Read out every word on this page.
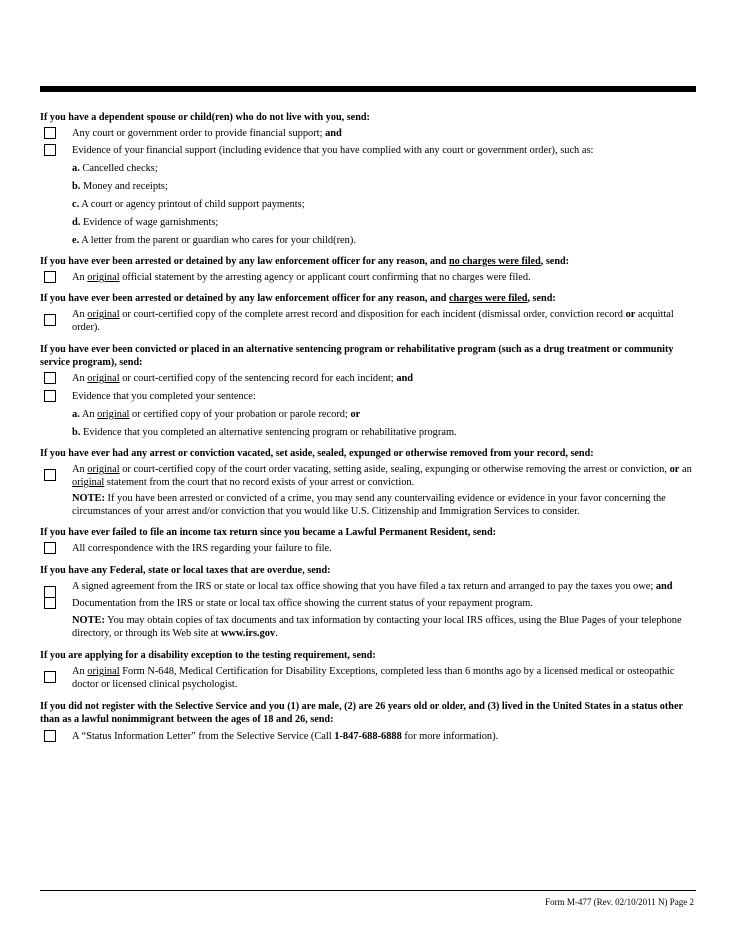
If you have a dependent spouse or child(ren) who do not live with you, send:

Any court or government order to provide financial support; and
Evidence of your financial support (including evidence that you have complied with any court or government order), such as:
a. Cancelled checks;
b. Money and receipts;
c. A court or agency printout of child support payments;
d. Evidence of wage garnishments;
e. A letter from the parent or guardian who cares for your child(ren).

If you have ever been arrested or detained by any law enforcement officer for any reason, and no charges were filed, send:

An original official statement by the arresting agency or applicant court confirming that no charges were filed.

If you have ever been arrested or detained by any law enforcement officer for any reason, and charges were filed, send:

An original or court-certified copy of the complete arrest record and disposition for each incident (dismissal order, conviction record or acquittal order).

If you have ever been convicted or placed in an alternative sentencing program or rehabilitative program (such as a drug treatment or community service program), send:

An original or court-certified copy of the sentencing record for each incident; and
Evidence that you completed your sentence:
a. An original or certified copy of your probation or parole record; or
b. Evidence that you completed an alternative sentencing program or rehabilitative program.

If you have ever had any arrest or conviction vacated, set aside, sealed, expunged or otherwise removed from your record, send:

An original or court-certified copy of the court order vacating, setting aside, sealing, expunging or otherwise removing the arrest or conviction, or an original statement from the court that no record exists of your arrest or conviction.
NOTE: If you have been arrested or convicted of a crime, you may send any countervailing evidence or evidence in your favor concerning the circumstances of your arrest and/or conviction that you would like U.S. Citizenship and Immigration Services to consider.

If you have ever failed to file an income tax return since you became a Lawful Permanent Resident, send:

All correspondence with the IRS regarding your failure to file.

If you have any Federal, state or local taxes that are overdue, send:

A signed agreement from the IRS or state or local tax office showing that you have filed a tax return and arranged to pay the taxes you owe; and
Documentation from the IRS or state or local tax office showing the current status of your repayment program.
NOTE: You may obtain copies of tax documents and tax information by contacting your local IRS offices, using the Blue Pages of your telephone directory, or through its Web site at www.irs.gov.

If you are applying for a disability exception to the testing requirement, send:

An original Form N-648, Medical Certification for Disability Exceptions, completed less than 6 months ago by a licensed medical or osteopathic doctor or licensed clinical psychologist.

If you did not register with the Selective Service and you (1) are male, (2) are 26 years old or older, and (3) lived in the United States in a status other than as a lawful nonimmigrant between the ages of 18 and 26, send:

A “Status Information Letter” from the Selective Service (Call 1-847-688-6888 for more information).
Form M-477 (Rev. 02/10/2011 N) Page 2
